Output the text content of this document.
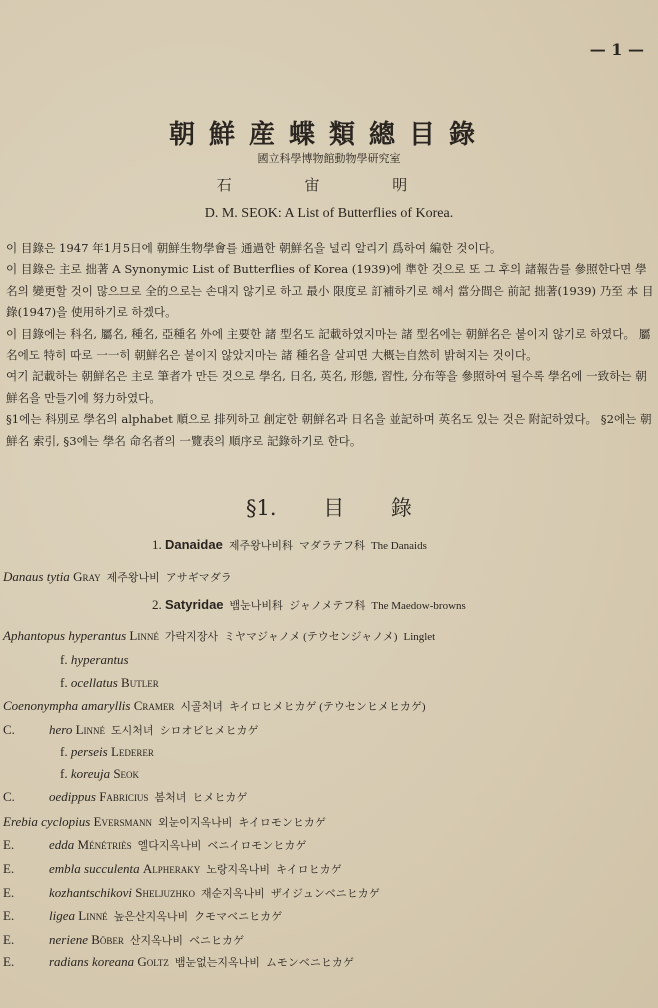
— 1 —
朝鮮産蝶類總目錄
國立科學博物館動物學研究室
石 宙 明
D. M. SEOK: A List of Butterflies of Korea.

이 目錄은 1947 年1月5日에 朝鮮生物學會를 通過한 朝鮮名을 널리 알리기 爲하여 編한 것이다。

이 目錄은 主로 拙著 A Synonymic List of Butterflies of Korea (1939)에 準한 것으로 또 그 후의 諸報告를 參照한다면 學名의 變更할 것이 많으므로 全的으로는 손대지 않기로 하고 最小 限度로 訂補하기로 해서 當分間은 前記 拙著(1939) 乃至 本 目錄(1947)을 使用하기로 하겠다。

이 目錄에는 科名, 屬名, 種名, 亞種名 外에 主要한 諸 型名도 記載하였지마는 諸 型名에는 朝鮮名은 붙이지 않기로 하였다。 屬名에도 特히 따로 一一히 朝鮮名은 붙이지 않았지마는 諸 種名을 살피면 大概는自然히 밝혀지는 것이다。

여기 記載하는 朝鮮名은 主로 筆者가 만든 것으로 學名, 日名, 英名, 形態, 習性, 分布等을 參照하여 될수록 學名에 一致하는 朝鮮名을 만들기에 努力하였다。

§1에는 科別로 學名의 alphabet 順으로 排列하고 創定한 朝鮮名과 日名을 並記하며 英名도 있는 것은 附記하였다。 §2에는 朝鮮名 索引, §3에는 學名 命名者의 一覽表의 順序로 記錄하기로 한다。

§1. 目 錄
1. Danaidae 제주왕나비科 マダラテフ科 The Danaids
2. Satyridae 뱀눈나비科 ジャノメテフ科 The Maedow-browns
Danaus tytia Gray 제주왕나비 アサギマダラ
Aphantopus hyperantus Linné 가락지장사 ミヤマジャノメ (テウセンジャノメ) Linglet
f. hyperantus
f. ocellatus Butler
Coenonympha amaryllis Cramer 시골처녀 キイロヒメヒカゲ (テウセンヒメヒカゲ)
C.	hero Linné 도시처녀 シロオビヒメヒカゲ
f. perseis Lederer
f. koreuja Seok
C.	oedippus Fabricius 봄처녀 ヒメヒカゲ
Erebia cyclopius Eversmann 외눈이지옥나비 キイロモンヒカゲ
E.	edda Ménétriès 엘다지옥나비 ベニイロモンヒカゲ
E.	embla succulenta Alpheraky 노랑지옥나비 キイロヒカゲ
E.	kozhantschikovi Sheljuzhko 재순지옥나비 ザイジュンベニヒカゲ
E.	ligea Linné 높은산지옥나비 クモマベニヒカゲ
E.	neriene Böber 산지옥나비 ベニヒカゲ
E.	radians koreana Goltz 뱀눈없는지옥나비 ムモンベニヒカゲ
